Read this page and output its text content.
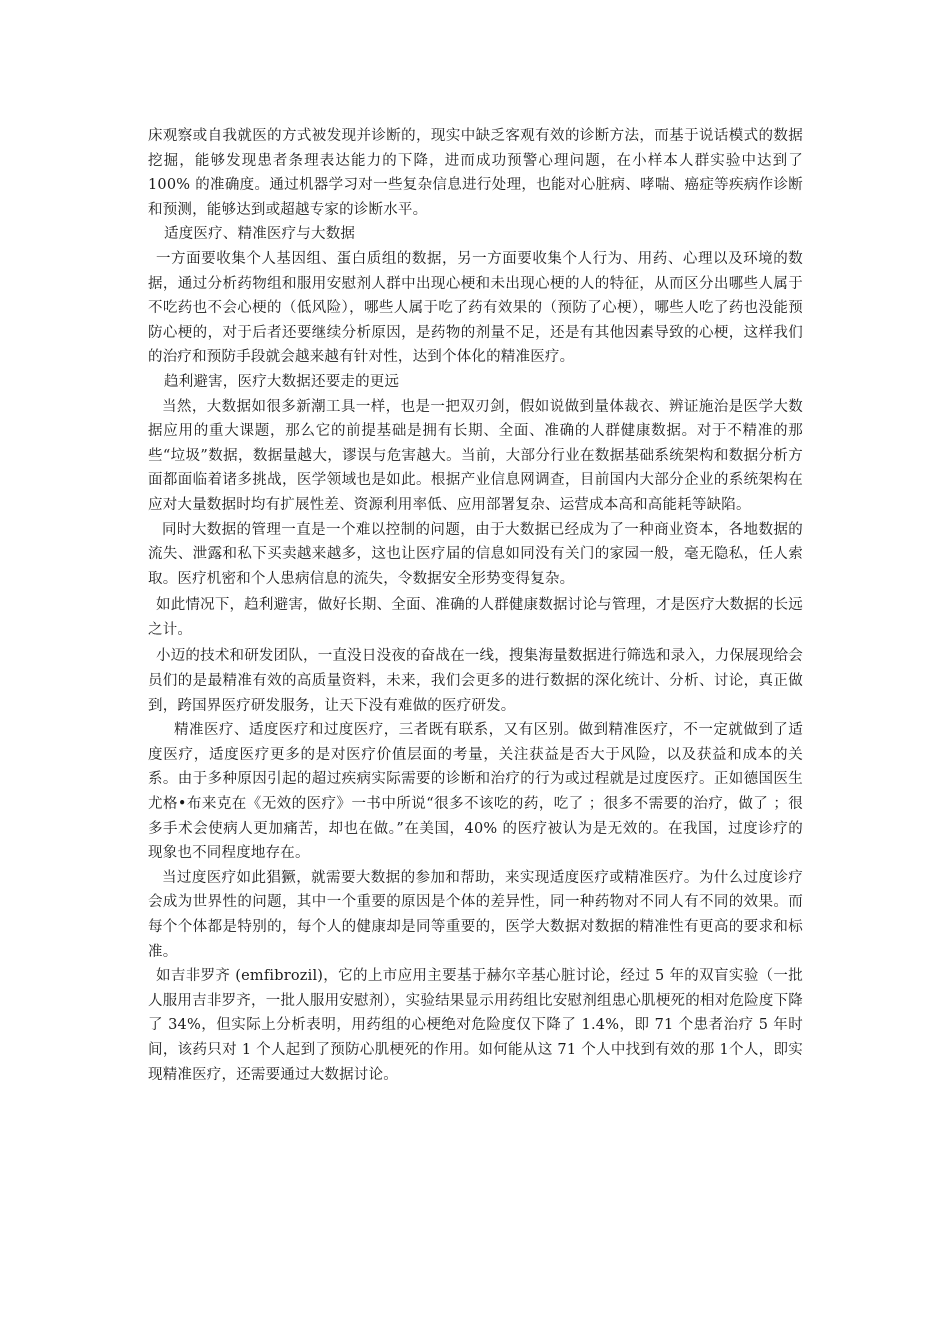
床观察或自我就医的方式被发现并诊断的，现实中缺乏客观有效的诊断方法，而基于说话模式的数据挖掘，能够发现患者条理表达能力的下降，进而成功预警心理问题，在小样本人群实验中达到了 100% 的准确度。通过机器学习对一些复杂信息进行处理，也能对心脏病、哮喘、癌症等疾病作诊断和预测，能够达到或超越专家的诊断水平。

适度医疗、精准医疗与大数据

一方面要收集个人基因组、蛋白质组的数据，另一方面要收集个人行为、用药、心理以及环境的数据，通过分析药物组和服用安慰剂人群中出现心梗和未出现心梗的人的特征，从而区分出哪些人属于不吃药也不会心梗的（低风险），哪些人属于吃了药有效果的（预防了心梗），哪些人吃了药也没能预防心梗的，对于后者还要继续分析原因，是药物的剂量不足，还是有其他因素导致的心梗，这样我们的治疗和预防手段就会越来越有针对性，达到个体化的精准医疗。

趋利避害，医疗大数据还要走的更远

当然，大数据如很多新潮工具一样，也是一把双刃剑，假如说做到量体裁衣、辨证施治是医学大数据应用的重大课题，那么它的前提基础是拥有长期、全面、准确的人群健康数据。对于不精准的那些“垃圾”数据，数据量越大，谬误与危害越大。当前，大部分行业在数据基础系统架构和数据分析方面都面临着诸多挑战，医学领域也是如此。根据产业信息网调查，目前国内大部分企业的系统架构在应对大量数据时均有扩展性差、资源利用率低、应用部署复杂、运营成本高和高能耗等缺陷。

同时大数据的管理一直是一个难以控制的问题，由于大数据已经成为了一种商业资本，各地数据的流失、泄露和私下买卖越来越多，这也让医疗届的信息如同没有关门的家园一般，毫无隐私，任人索取。医疗机密和个人患病信息的流失，令数据安全形势变得复杂。

如此情况下，趋利避害，做好长期、全面、准确的人群健康数据讨论与管理，才是医疗大数据的长远之计。

小迈的技术和研发团队，一直没日没夜的奋战在一线，搜集海量数据进行筛选和录入，力保展现给会员们的是最精准有效的高质量资料，未来，我们会更多的进行数据的深化统计、分析、讨论，真正做到，跨国界医疗研发服务，让天下没有难做的医疗研发。

精准医疗、适度医疗和过度医疗，三者既有联系，又有区别。做到精准医疗，不一定就做到了适度医疗，适度医疗更多的是对医疗价值层面的考量，关注获益是否大于风险，以及获益和成本的关系。由于多种原因引起的超过疾病实际需要的诊断和治疗的行为或过程就是过度医疗。正如德国医生尤格•布来克在《无效的医疗》一书中所说“很多不该吃的药，吃了 ；很多不需要的治疗，做了 ；很多手术会使病人更加痛苦，却也在做。”在美国，40% 的医疗被认为是无效的。在我国，过度诊疗的现象也不同程度地存在。

当过度医疗如此猖獗，就需要大数据的参加和帮助，来实现适度医疗或精准医疗。为什么过度诊疗会成为世界性的问题，其中一个重要的原因是个体的差异性，同一种药物对不同人有不同的效果。而每个个体都是特别的，每个人的健康却是同等重要的，医学大数据对数据的精准性有更高的要求和标准。

如吉非罗齐 (emfibrozil)，它的上市应用主要基于赫尔辛基心脏讨论，经过 5 年的双盲实验（一批人服用吉非罗齐，一批人服用安慰剂），实验结果显示用药组比安慰剂组患心肌梗死的相对危险度下降了 34%，但实际上分析表明，用药组的心梗绝对危险度仅下降了 1.4%，即 71 个患者治疗 5 年时间，该药只对 1 个人起到了预防心肌梗死的作用。如何能从这 71 个人中找到有效的那 1个人，即实现精准医疗，还需要通过大数据讨论。
